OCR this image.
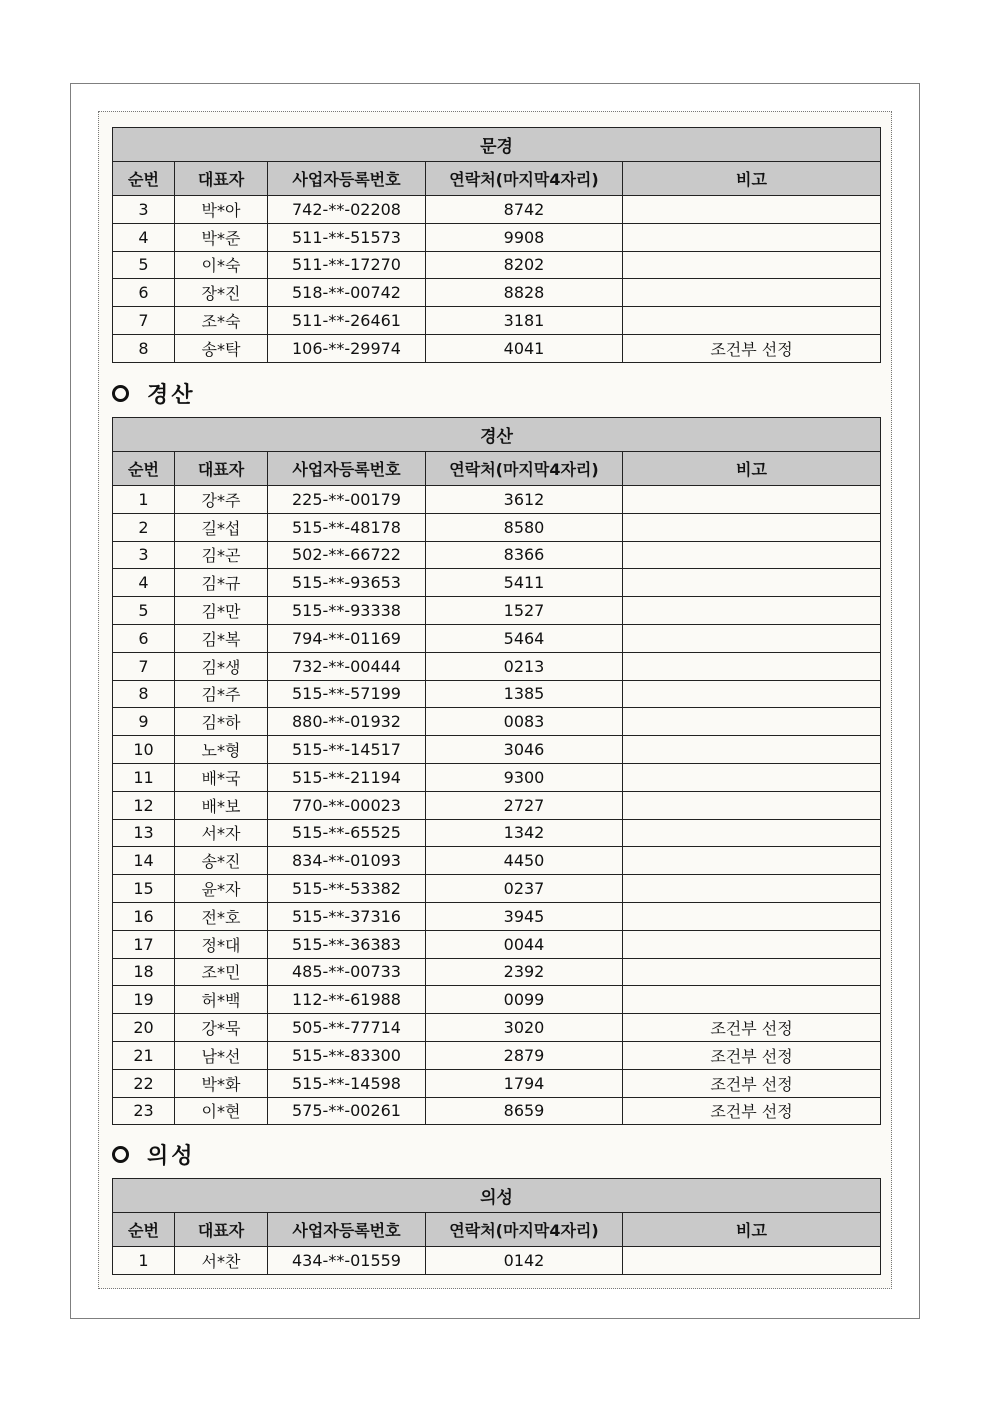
문경				
순번	대표자	사업자등록번호	연락처(마지막4자리)	비고
3	박*아	742-**-02208	8742	
4	박*준	511-**-51573	9908	
5	이*숙	511-**-17270	8202	
6	장*진	518-**-00742	8828	
7	조*숙	511-**-26461	3181	
8	송*탁	106-**-29974	4041	조건부 선정
경산
경산				
순번	대표자	사업자등록번호	연락처(마지막4자리)	비고
1	강*주	225-**-00179	3612	
2	길*섭	515-**-48178	8580	
3	김*곤	502-**-66722	8366	
4	김*규	515-**-93653	5411	
5	김*만	515-**-93338	1527	
6	김*복	794-**-01169	5464	
7	김*생	732-**-00444	0213	
8	김*주	515-**-57199	1385	
9	김*하	880-**-01932	0083	
10	노*형	515-**-14517	3046	
11	배*국	515-**-21194	9300	
12	배*보	770-**-00023	2727	
13	서*자	515-**-65525	1342	
14	송*진	834-**-01093	4450	
15	윤*자	515-**-53382	0237	
16	전*호	515-**-37316	3945	
17	정*대	515-**-36383	0044	
18	조*민	485-**-00733	2392	
19	허*백	112-**-61988	0099	
20	강*묵	505-**-77714	3020	조건부 선정
21	남*선	515-**-83300	2879	조건부 선정
22	박*화	515-**-14598	1794	조건부 선정
23	이*현	575-**-00261	8659	조건부 선정
의성
의성				
순번	대표자	사업자등록번호	연락처(마지막4자리)	비고
1	서*찬	434-**-01559	0142	
